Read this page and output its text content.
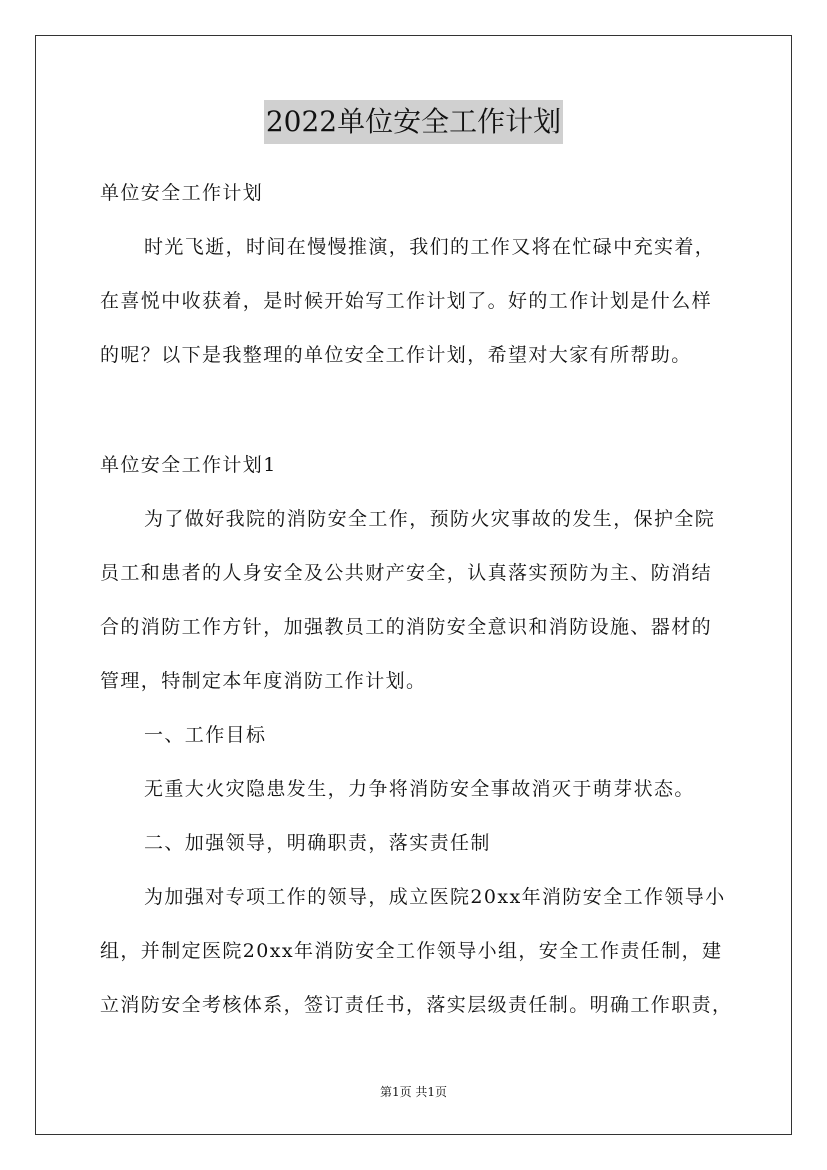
2022单位安全工作计划
单位安全工作计划
时光飞逝，时间在慢慢推演，我们的工作又将在忙碌中充实着，
在喜悦中收获着，是时候开始写工作计划了。好的工作计划是什么样
的呢？以下是我整理的单位安全工作计划，希望对大家有所帮助。
单位安全工作计划1
为了做好我院的消防安全工作，预防火灾事故的发生，保护全院
员工和患者的人身安全及公共财产安全，认真落实预防为主、防消结
合的消防工作方针，加强教员工的消防安全意识和消防设施、器材的
管理，特制定本年度消防工作计划。
一、工作目标
无重大火灾隐患发生，力争将消防安全事故消灭于萌芽状态。
二、加强领导，明确职责，落实责任制
为加强对专项工作的领导，成立医院20xx年消防安全工作领导小
组，并制定医院20xx年消防安全工作领导小组，安全工作责任制，建
立消防安全考核体系，签订责任书，落实层级责任制。明确工作职责，
第1页 共1页
